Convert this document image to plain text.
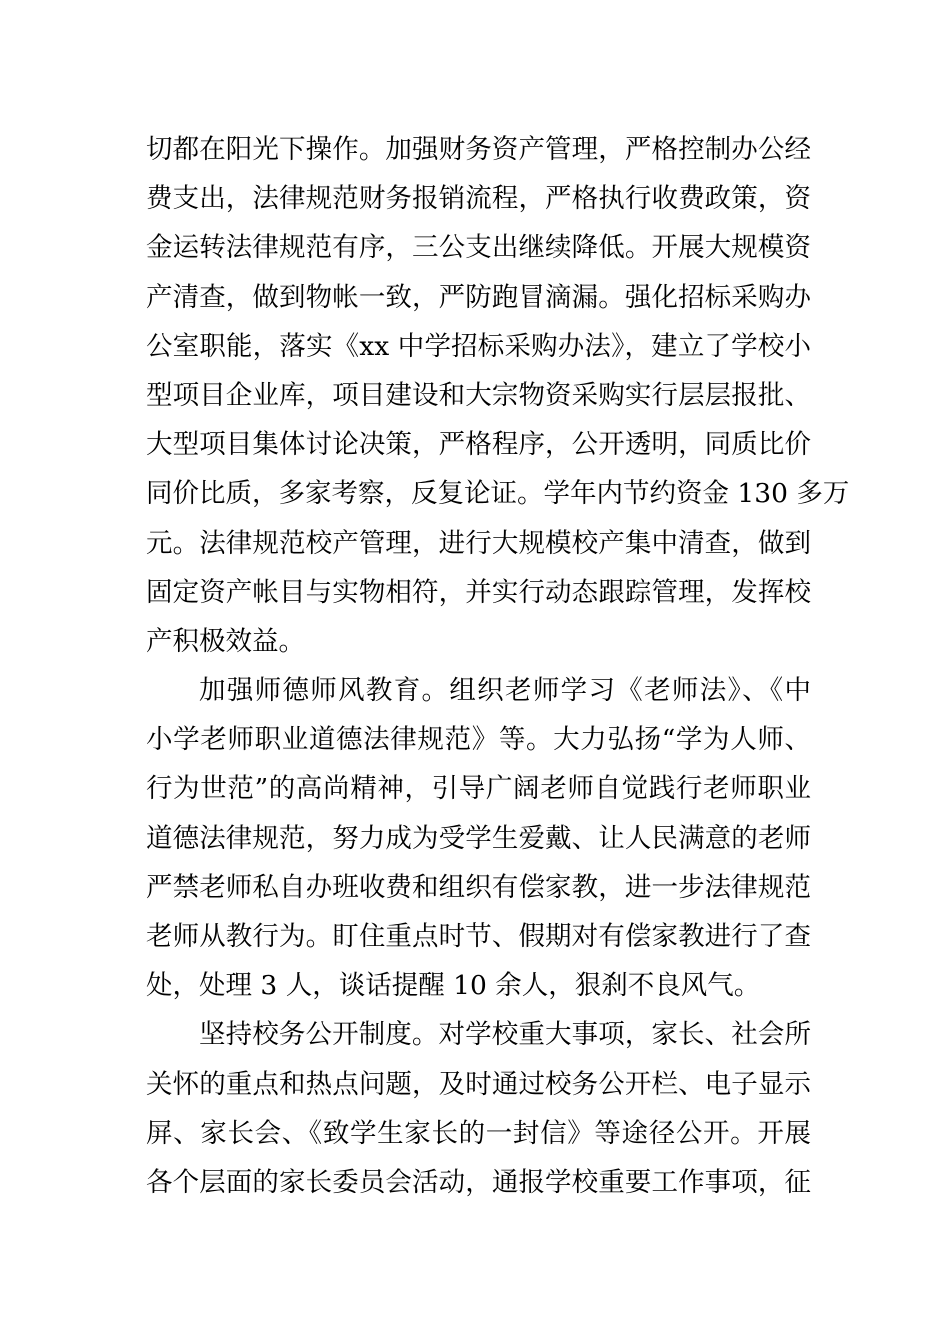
切都在阳光下操作。加强财务资产管理，严格控制办公经
费支出，法律规范财务报销流程，严格执行收费政策，资
金运转法律规范有序，三公支出继续降低。开展大规模资
产清查，做到物帐一致，严防跑冒滴漏。强化招标采购办
公室职能，落实《xx 中学招标采购办法》，建立了学校小
型项目企业库，项目建设和大宗物资采购实行层层报批、
大型项目集体讨论决策，严格程序，公开透明，同质比价
同价比质，多家考察，反复论证。学年内节约资金 130 多万
元。法律规范校产管理，进行大规模校产集中清查，做到
固定资产帐目与实物相符，并实行动态跟踪管理，发挥校
产积极效益。
加强师德师风教育。组织老师学习《老师法》、《中
小学老师职业道德法律规范》等。大力弘扬“学为人师、
行为世范”的高尚精神，引导广阔老师自觉践行老师职业
道德法律规范，努力成为受学生爱戴、让人民满意的老师
严禁老师私自办班收费和组织有偿家教，进一步法律规范
老师从教行为。盯住重点时节、假期对有偿家教进行了查
处，处理 3 人，谈话提醒 10 余人，狠刹不良风气。
坚持校务公开制度。对学校重大事项，家长、社会所
关怀的重点和热点问题，及时通过校务公开栏、电子显示
屏、家长会、《致学生家长的一封信》等途径公开。开展
各个层面的家长委员会活动，通报学校重要工作事项，征
